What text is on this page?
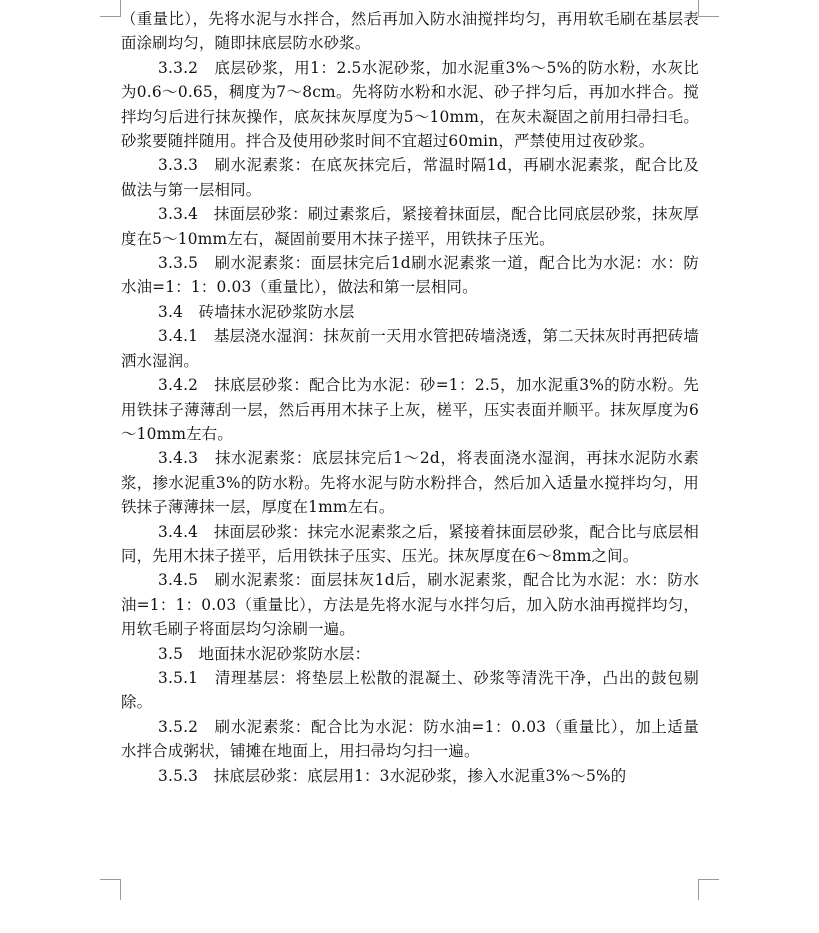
（重量比），先将水泥与水拌合，然后再加入防水油搅拌均匀，再用软毛刷在基层表面涂刷均匀，随即抹底层防水砂浆。

3.3.2　底层砂浆，用1：2.5水泥砂浆，加水泥重3%～5%的防水粉，水灰比为0.6～0.65，稠度为7～8cm。先将防水粉和水泥、砂子拌匀后，再加水拌合。搅拌均匀后进行抹灰操作，底灰抹灰厚度为5～10mm，在灰未凝固之前用扫帚扫毛。砂浆要随拌随用。拌合及使用砂浆时间不宜超过60min，严禁使用过夜砂浆。

3.3.3　刷水泥素浆：在底灰抹完后，常温时隔1d，再刷水泥素浆，配合比及做法与第一层相同。

3.3.4　抹面层砂浆：刷过素浆后，紧接着抹面层，配合比同底层砂浆，抹灰厚度在5～10mm左右，凝固前要用木抹子搓平，用铁抹子压光。

3.3.5　刷水泥素浆：面层抹完后1d刷水泥素浆一道，配合比为水泥：水：防水油=1：1：0.03（重量比），做法和第一层相同。

3.4　砖墙抹水泥砂浆防水层

3.4.1　基层浇水湿润：抹灰前一天用水管把砖墙浇透，第二天抹灰时再把砖墙洒水湿润。

3.4.2　抹底层砂浆：配合比为水泥：砂=1：2.5，加水泥重3%的防水粉。先用铁抹子薄薄刮一层，然后再用木抹子上灰，槎平，压实表面并顺平。抹灰厚度为6～10mm左右。

3.4.3　抹水泥素浆：底层抹完后1～2d，将表面浇水湿润，再抹水泥防水素浆，掺水泥重3%的防水粉。先将水泥与防水粉拌合，然后加入适量水搅拌均匀，用铁抹子薄薄抹一层，厚度在1mm左右。

3.4.4　抹面层砂浆：抹完水泥素浆之后，紧接着抹面层砂浆，配合比与底层相同，先用木抹子搓平，后用铁抹子压实、压光。抹灰厚度在6～8mm之间。

3.4.5　刷水泥素浆：面层抹灰1d后，刷水泥素浆，配合比为水泥：水：防水油=1：1：0.03（重量比），方法是先将水泥与水拌匀后，加入防水油再搅拌均匀，用软毛刷子将面层均匀涂刷一遍。

3.5　地面抹水泥砂浆防水层：

3.5.1　清理基层：将垫层上松散的混凝土、砂浆等清洗干净，凸出的鼓包剔除。

3.5.2　刷水泥素浆：配合比为水泥：防水油=1：0.03（重量比），加上适量水拌合成粥状，铺摊在地面上，用扫帚均匀扫一遍。

3.5.3　抹底层砂浆：底层用1：3水泥砂浆，掺入水泥重3%～5%的
